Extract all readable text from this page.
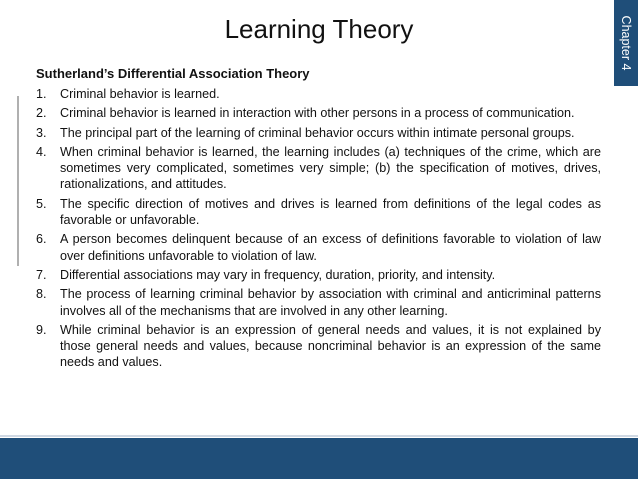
Chapter 4
Learning Theory
Sutherland’s Differential Association Theory
1.	Criminal behavior is learned.
2.	Criminal behavior is learned in interaction with other persons in a process of communication.
3.	The principal part of the learning of criminal behavior occurs within intimate personal groups.
4.	When criminal behavior is learned, the learning includes (a) techniques of the crime, which are sometimes very complicated, sometimes very simple; (b) the specification of motives, drives, rationalizations, and attitudes.
5.	The specific direction of motives and drives is learned from definitions of the legal codes as favorable or unfavorable.
6.	A person becomes delinquent because of an excess of definitions favorable to violation of law over definitions unfavorable to violation of law.
7.	Differential associations may vary in frequency, duration, priority, and intensity.
8.	The process of learning criminal behavior by association with criminal and anticriminal patterns involves all of the mechanisms that are involved in any other learning.
9.	While criminal behavior is an expression of general needs and values, it is not explained by those general needs and values, because noncriminal behavior is an expression of the same needs and values.
